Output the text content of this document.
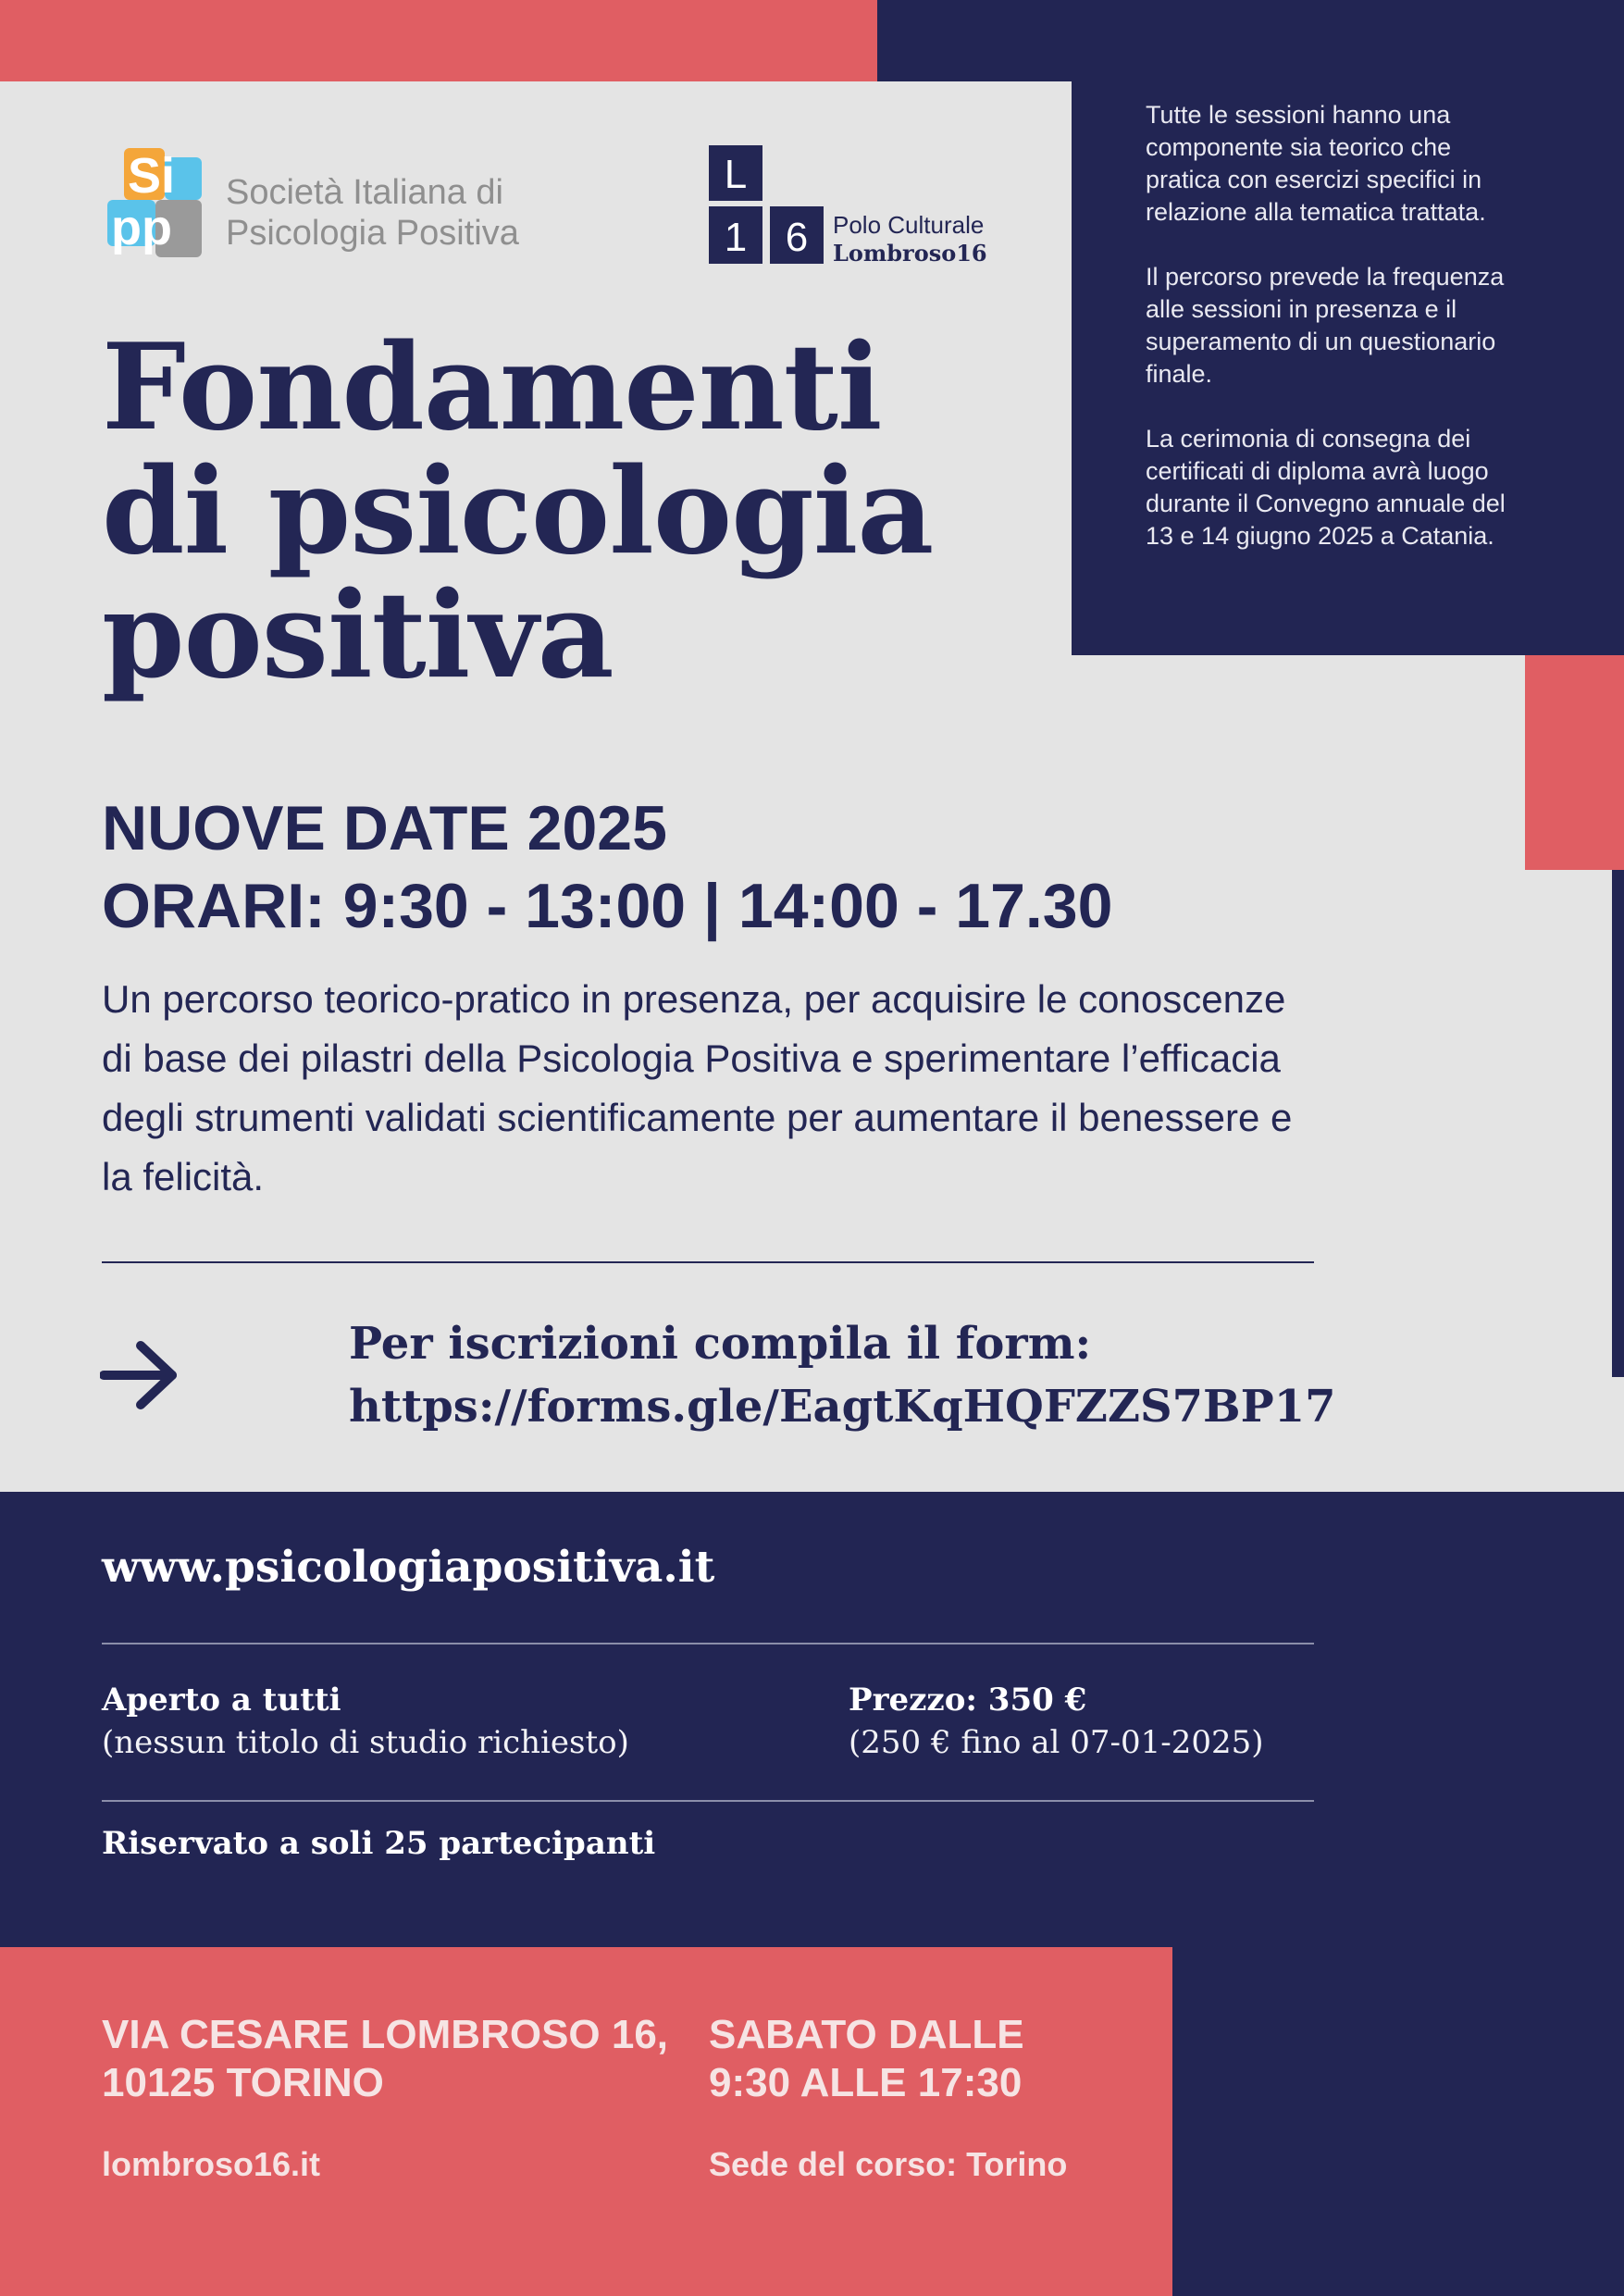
Tutte le sessioni hanno una componente sia teorico che pratica con esercizi specifici in relazione alla tematica trattata.

Il percorso prevede la frequenza alle sessioni in presenza e il superamento di un questionario finale.

La cerimonia di consegna dei certificati di diploma avrà luogo durante il Convegno annuale del 13 e 14 giugno 2025 a Catania.

Si
pp
Società Italiana di
Psicologia Positiva
L
1 6 Polo Culturale
Lombroso16
Fondamenti
di psicologia
positiva
NUOVE DATE 2025
ORARI: 9:30 - 13:00 | 14:00 - 17.30

Un percorso teorico-pratico in presenza, per acquisire le conoscenze di base dei pilastri della Psicologia Positiva e sperimentare l’efficacia degli strumenti validati scientificamente per aumentare il benessere e la felicità.

Per iscrizioni compila il form:
https://forms.gle/EagtKqHQFZZS7BP17
www.psicologiapositiva.it
Aperto a tutti
(nessun titolo di studio richiesto)
Prezzo: 350 €
(250 € fino al 07-01-2025)
Riservato a soli 25 partecipanti
VIA CESARE LOMBROSO 16,
10125 TORINO
SABATO DALLE
9:30 ALLE 17:30
lombroso16.it	Sede del corso: Torino
